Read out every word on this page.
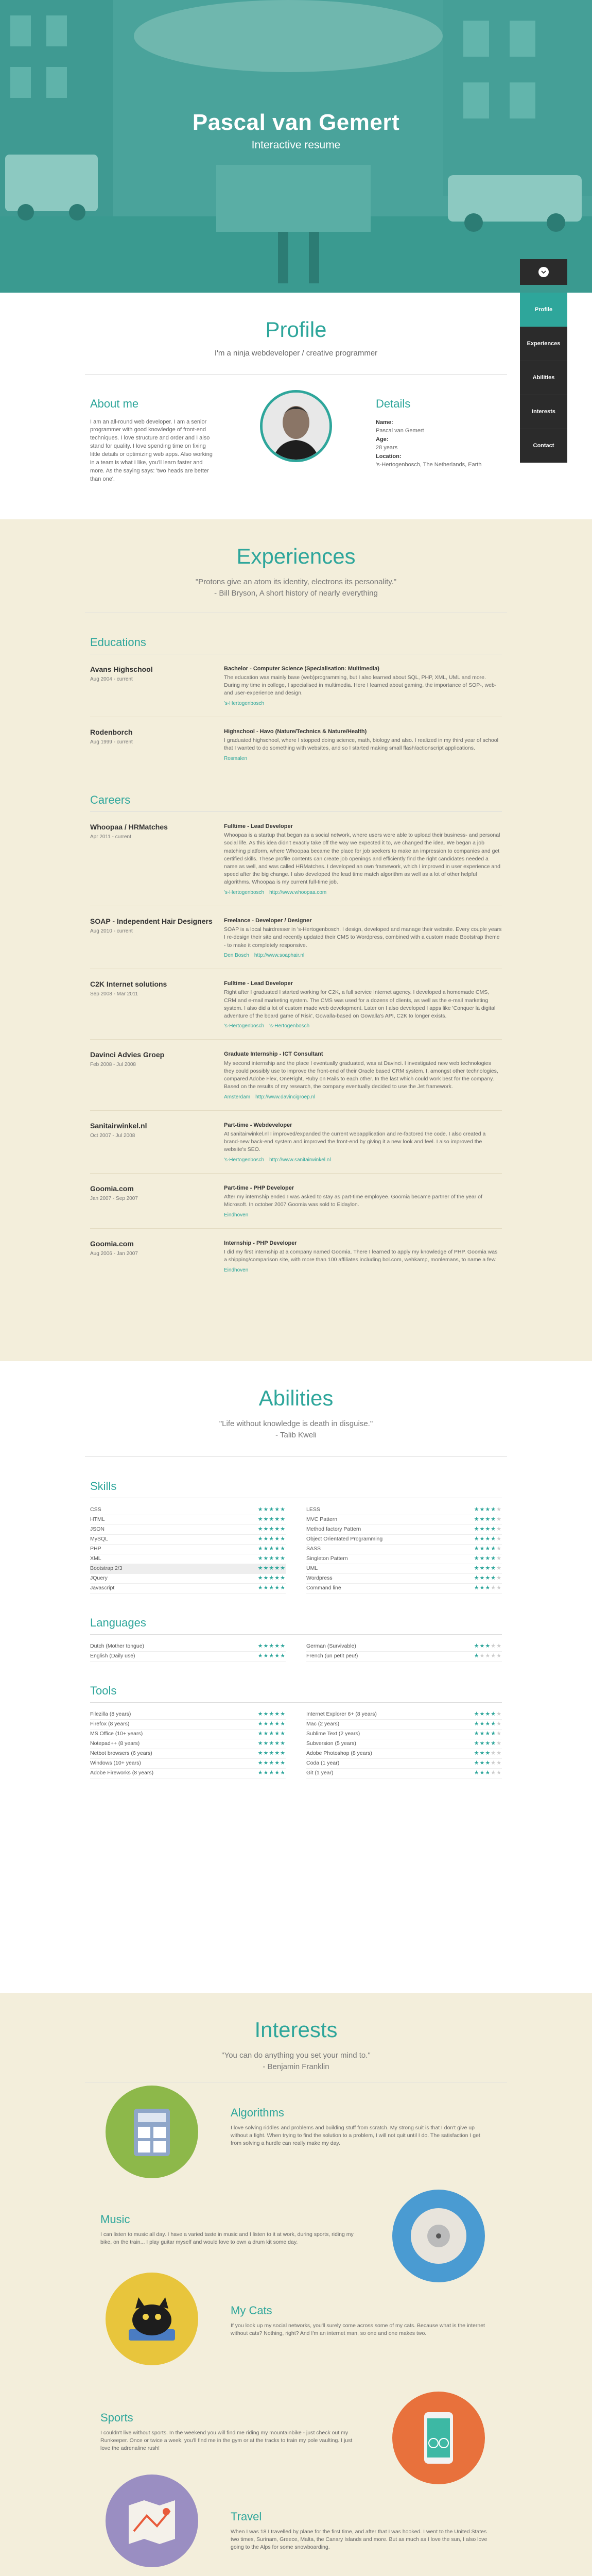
Pascal van Gemert
Interactive resume
Profile
Experiences
Abilities
Interests
Contact
Profile
I'm a ninja webdeveloper / creative programmer
About me

I am an all-round web developer. I am a senior programmer with good knowledge of front-end techniques. I love structure and order and I also stand for quality. I love spending time on fixing little details or optimizing web apps. Also working in a team is what I like, you'll learn faster and more. As the saying says: 'two heads are better than one'.

Details
Name:
Pascal van Gemert
Age:
28 years
Location:
's-Hertogenbosch, The Netherlands, Earth
Experiences
"Protons give an atom its identity, electrons its personality."
- Bill Bryson, A short history of nearly everything
Educations
Avans Highschool
Aug 2004 - current
Bachelor - Computer Science (Specialisation: Multimedia)
The education was mainly base (web)programming, but I also learned about SQL, PHP, XML, UML and more. During my time in college, I specialised in multimedia. Here I learned about gaming, the importance of SOP-, web- and user-experience and design.
's-Hertogenbosch
Rodenborch
Aug 1999 - current
Highschool - Havo (Nature/Technics & Nature/Health)
I graduated highschool, where I stopped doing science, math, biology and also. I realized in my third year of school that I wanted to do something with websites, and so I started making small flash/actionscript applications.
Rosmalen
Careers
Whoopaa / HRMatches
Apr 2011 - current
Fulltime - Lead Developer
Whoopaa is a startup that began as a social network, where users were able to upload their business- and personal social life. As this idea didn't exactly take off the way we expected it to, we changed the idea. We began a job matching platform, where Whoopaa became the place for job seekers to make an impression to companies and get certified skills. These profile contents can create job openings and efficiently find the right candidates needed a name as well, and was called HRMatches. I developed an own framework, which I improved in user experience and speed after the big change. I also developed the lead time match algorithm as well as a lot of other helpful algorithms. Whoopaa is my current full-time job.
's-Hertogenbosch http://www.whoopaa.com
SOAP - Independent Hair Designers
Aug 2010 - current
Freelance - Developer / Designer
SOAP is a local hairdresser in 's-Hertogenbosch. I design, developed and manage their website. Every couple years I re-design their site and recently updated their CMS to Wordpress, combined with a custom made Bootstrap theme - to make it completely responsive.
Den Bosch http://www.soaphair.nl
C2K Internet solutions
Sep 2008 - Mar 2011
Fulltime - Lead Developer
Right after I graduated I started working for C2K, a full service Internet agency. I developed a homemade CMS, CRM and e-mail marketing system. The CMS was used for a dozens of clients, as well as the e-mail marketing system. I also did a lot of custom made web development. Later on I also developed I apps like 'Conquer la digital adventure of the board game of Risk', Gowalla-based on Gowalla's API, C2K to longer exists.
's-Hertogenbosch 's-Hertogenbosch
Davinci Advies Groep
Feb 2008 - Jul 2008
Graduate Internship - ICT Consultant
My second internship and the place I eventually graduated, was at Davinci. I investigated new web technologies they could possibly use to improve the front-end of their Oracle based CRM system. I, amongst other technologies, compared Adobe Flex, OneRight, Ruby on Rails to each other. In the last which could work best for the company. Based on the results of my research, the company eventually decided to use the Jet framework.
Amsterdam http://www.davincigroep.nl
Sanitairwinkel.nl
Oct 2007 - Jul 2008
Part-time - Webdeveloper
At sanitairwinkel.nl I improved/expanded the current webapplication and re-factored the code. I also created a brand-new back-end system and improved the front-end by giving it a new look and feel. I also improved the website's SEO.
's-Hertogenbosch http://www.sanitairwinkel.nl
Goomia.com
Jan 2007 - Sep 2007
Part-time - PHP Developer
After my internship ended I was asked to stay as part-time employee. Goomia became partner of the year of Microsoft. In october 2007 Goomia was sold to Eidaylon.
Eindhoven
Goomia.com
Aug 2006 - Jan 2007
Internship - PHP Developer
I did my first internship at a company named Goomia. There I learned to apply my knowledge of PHP. Goomia was a shipping/comparison site, with more than 100 affiliates including bol.com, wehkamp, monlemans, to name a few.
Eindhoven
Abilities
"Life without knowledge is death in disguise."
- Talib Kweli
Skills
CSS	★★★★★
HTML	★★★★★
JSON	★★★★★
MySQL	★★★★★
PHP	★★★★★
XML	★★★★★
Bootstrap 2/3	★★★★★
JQuery	★★★★★
Javascript	★★★★★
LESS	★★★★★
MVC Pattern	★★★★★
Method factory Pattern	★★★★★
Object Orientated Programming	★★★★★
SASS	★★★★★
Singleton Pattern	★★★★★
UML	★★★★★
Wordpress	★★★★★
Command line	★★★★★
Languages
Dutch (Mother tongue)	★★★★★
English (Daily use)	★★★★★
German (Survivable)	★★★★★
French (un petit peu!)	★★★★★
Tools
Filezilla (8 years)	★★★★★
Firefox (8 years)	★★★★★
MS Office (10+ years)	★★★★★
Notepad++ (8 years)	★★★★★
Netbot browsers (6 years)	★★★★★
Windows (10+ years)	★★★★★
Adobe Fireworks (8 years)	★★★★★
Internet Explorer 6+ (8 years)	★★★★★
Mac (2 years)	★★★★★
Sublime Text (2 years)	★★★★★
Subversion (5 years)	★★★★★
Adobe Photoshop (8 years)	★★★★★
Coda (1 year)	★★★★★
Git (1 year)	★★★★★
Interests
"You can do anything you set your mind to."
- Benjamin Franklin
Algorithms

I love solving riddles and problems and building stuff from scratch. My strong suit is that I don't give up without a fight. When trying to find the solution to a problem, I will not quit until I do. The satisfaction I get from solving a hurdle can really make my day.

Music

I can listen to music all day. I have a varied taste in music and I listen to it at work, during sports, riding my bike, on the train... I play guitar myself and would love to own a drum kit some day.

My Cats

If you look up my social networks, you'll surely come across some of my cats. Because what is the internet without cats? Nothing, right? And I'm an internet man, so one and one makes two.

Sports

I couldn't live without sports. In the weekend you will find me riding my mountainbike - just check out my Runkeeper. Once or twice a week, you'll find me in the gym or at the tracks to train my pole vaulting. I just love the adrenaline rush!

Travel

When I was 18 I travelled by plane for the first time, and after that I was hooked. I went to the United States two times, Surinam, Greece, Malta, the Canary Islands and more. But as much as I love the sun, I also love going to the Alps for some snowboarding.
